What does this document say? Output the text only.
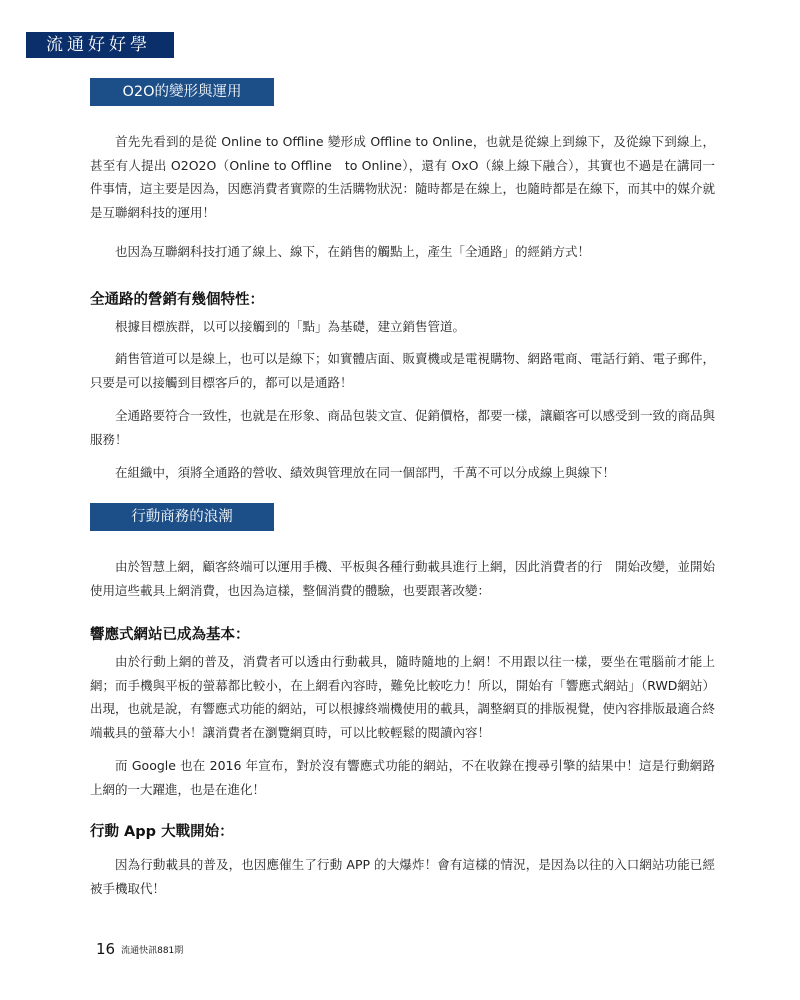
流通好好學
O2O的變形與運用

首先先看到的是從 Online to Offline 變形成 Offline to Online，也就是從線上到線下，及從線下到線上，甚至有人提出 O2O2O（Online to Offline　to Online），還有 OxO（線上線下融合），其實也不過是在講同一件事情，這主要是因為，因應消費者實際的生活購物狀況：隨時都是在線上，也隨時都是在線下，而其中的媒介就是互聯網科技的運用！

也因為互聯網科技打通了線上、線下，在銷售的觸點上，產生「全通路」的經銷方式！

全通路的營銷有幾個特性：

根據目標族群，以可以接觸到的「點」為基礎，建立銷售管道。

銷售管道可以是線上，也可以是線下；如實體店面、販賣機或是電視購物、網路電商、電話行銷、電子郵件，只要是可以接觸到目標客戶的，都可以是通路！

全通路要符合一致性，也就是在形象、商品包裝文宣、促銷價格，都要一樣，讓顧客可以感受到一致的商品與服務！

在組織中，須將全通路的營收、績效與管理放在同一個部門，千萬不可以分成線上與線下！

行動商務的浪潮

由於智慧上網，顧客終端可以運用手機、平板與各種行動載具進行上網，因此消費者的行　開始改變，並開始使用這些載具上網消費，也因為這樣，整個消費的體驗，也要跟著改變：

響應式網站已成為基本：

由於行動上網的普及，消費者可以透由行動載具，隨時隨地的上網！不用跟以往一樣，要坐在電腦前才能上網；而手機與平板的螢幕都比較小，在上網看內容時，難免比較吃力！所以，開始有「響應式網站」（RWD網站）出現，也就是說，有響應式功能的網站，可以根據終端機使用的載具，調整網頁的排版視覺，使內容排版最適合終端載具的螢幕大小！讓消費者在瀏覽網頁時，可以比較輕鬆的閱讀內容！

而 Google 也在 2016 年宣布，對於沒有響應式功能的網站，不在收錄在搜尋引擎的結果中！這是行動網路上網的一大躍進，也是在進化！

行動 App 大戰開始：

因為行動載具的普及，也因應催生了行動 APP 的大爆炸！會有這樣的情況，是因為以往的入口網站功能已經被手機取代！

16 流通快訊881期
